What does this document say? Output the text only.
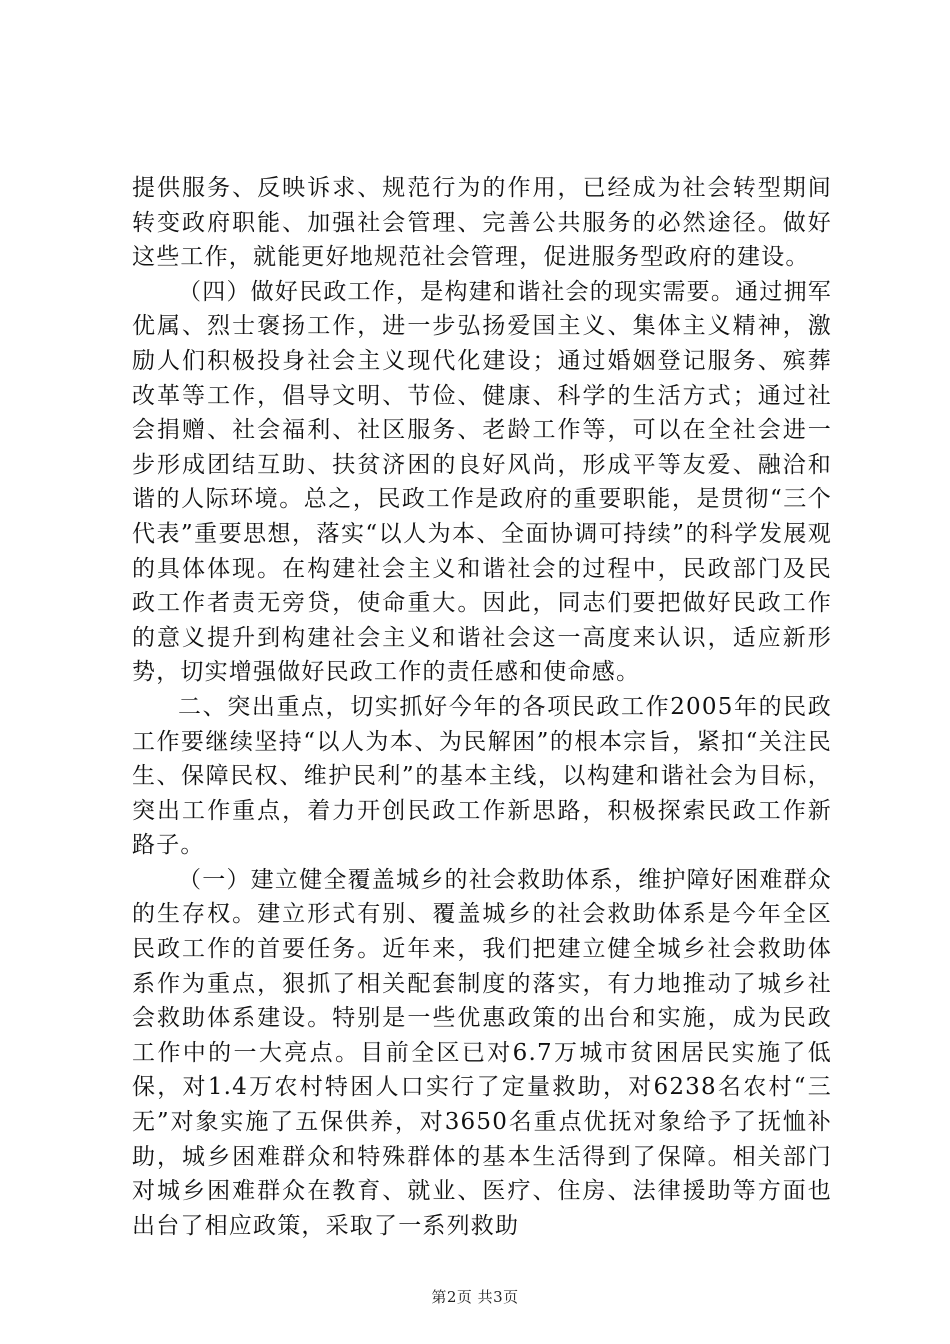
提供服务、反映诉求、规范行为的作用，已经成为社会转型期间转变政府职能、加强社会管理、完善公共服务的必然途径。做好这些工作，就能更好地规范社会管理，促进服务型政府的建设。

（四）做好民政工作，是构建和谐社会的现实需要。通过拥军优属、烈士褒扬工作，进一步弘扬爱国主义、集体主义精神，激励人们积极投身社会主义现代化建设；通过婚姻登记服务、殡葬改革等工作，倡导文明、节俭、健康、科学的生活方式；通过社会捐赠、社会福利、社区服务、老龄工作等，可以在全社会进一步形成团结互助、扶贫济困的良好风尚，形成平等友爱、融洽和谐的人际环境。总之，民政工作是政府的重要职能，是贯彻“三个代表”重要思想，落实“以人为本、全面协调可持续”的科学发展观的具体体现。在构建社会主义和谐社会的过程中，民政部门及民政工作者责无旁贷，使命重大。因此，同志们要把做好民政工作的意义提升到构建社会主义和谐社会这一高度来认识，适应新形势，切实增强做好民政工作的责任感和使命感。

二、突出重点，切实抓好今年的各项民政工作2005年的民政工作要继续坚持“以人为本、为民解困”的根本宗旨，紧扣“关注民生、保障民权、维护民利”的基本主线，以构建和谐社会为目标，突出工作重点，着力开创民政工作新思路，积极探索民政工作新路子。

（一）建立健全覆盖城乡的社会救助体系，维护障好困难群众的生存权。建立形式有别、覆盖城乡的社会救助体系是今年全区民政工作的首要任务。近年来，我们把建立健全城乡社会救助体系作为重点，狠抓了相关配套制度的落实，有力地推动了城乡社会救助体系建设。特别是一些优惠政策的出台和实施，成为民政工作中的一大亮点。目前全区已对6.7万城市贫困居民实施了低保，对1.4万农村特困人口实行了定量救助，对6238名农村“三无”对象实施了五保供养，对3650名重点优抚对象给予了抚恤补助，城乡困难群众和特殊群体的基本生活得到了保障。相关部门对城乡困难群众在教育、就业、医疗、住房、法律援助等方面也出台了相应政策，采取了一系列救助

第2页 共3页
